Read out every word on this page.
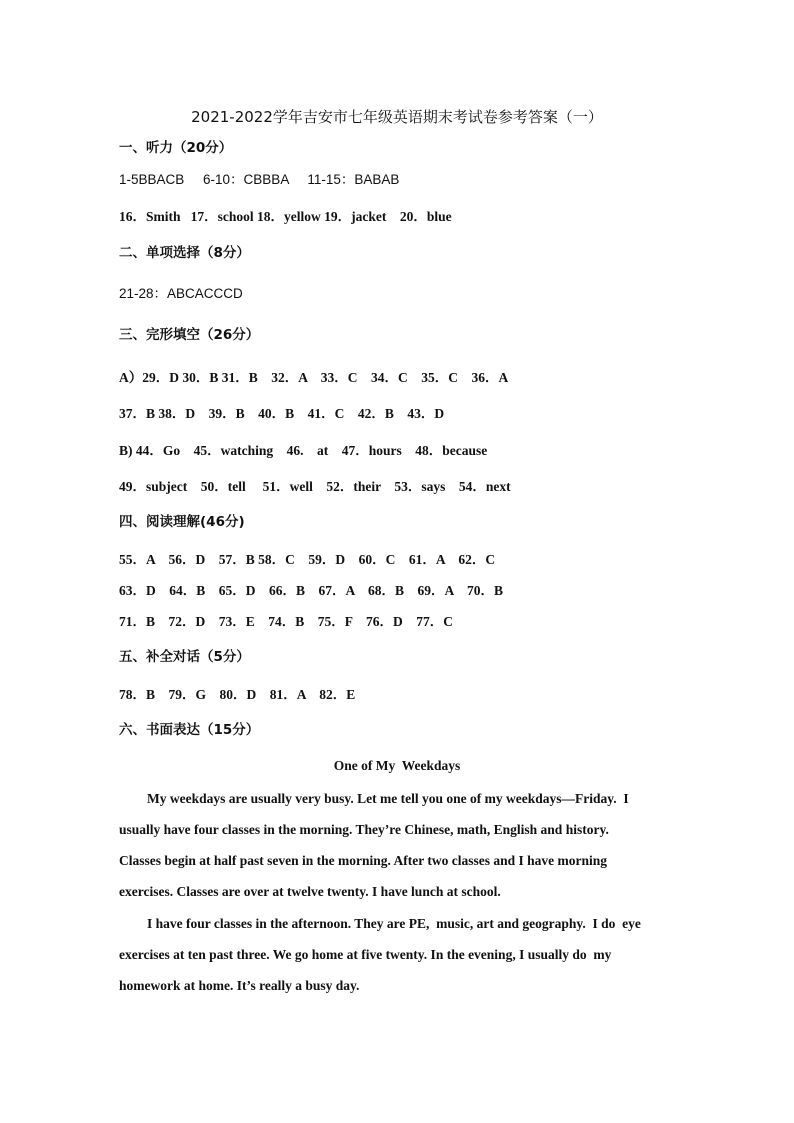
2021-2022学年吉安市七年级英语期末考试卷参考答案（一）
一、听力（20分）
1-5BBACB     6-10：CBBBA     11-15：BABAB
16．Smith   17．school 18．yellow 19．jacket    20．blue
二、单项选择（8分）
21-28：ABCACCCD
三、完形填空（26分）
A）29．D 30．B 31．B    32．A    33．C    34．C    35．C    36．A
37．B 38．D    39．B    40．B    41．C    42．B    43．D
B) 44．Go    45．watching    46.    at    47．hours    48．because
49．subject    50．tell     51．well    52．their    53．says    54．next
四、阅读理解(46分)
55．A    56．D    57．B 58．C    59．D    60．C    61．A    62．C
63．D    64．B    65．D    66．B    67．A    68．B    69．A    70．B
71．B    72．D    73．E    74．B    75．F    76．D    77．C
五、补全对话（5分）
78．B    79．G    80．D    81．A    82．E
六、书面表达（15分）
One of My  Weekdays
My weekdays are usually very busy. Let me tell you one of my weekdays—Friday.  I
usually have four classes in the morning. They’re Chinese, math, English and history.
Classes begin at half past seven in the morning. After two classes and I have morning
exercises. Classes are over at twelve twenty. I have lunch at school.
I have four classes in the afternoon. They are PE,  music, art and geography.  I do  eye
exercises at ten past three. We go home at five twenty. In the evening, I usually do  my
homework at home. It’s really a busy day.
